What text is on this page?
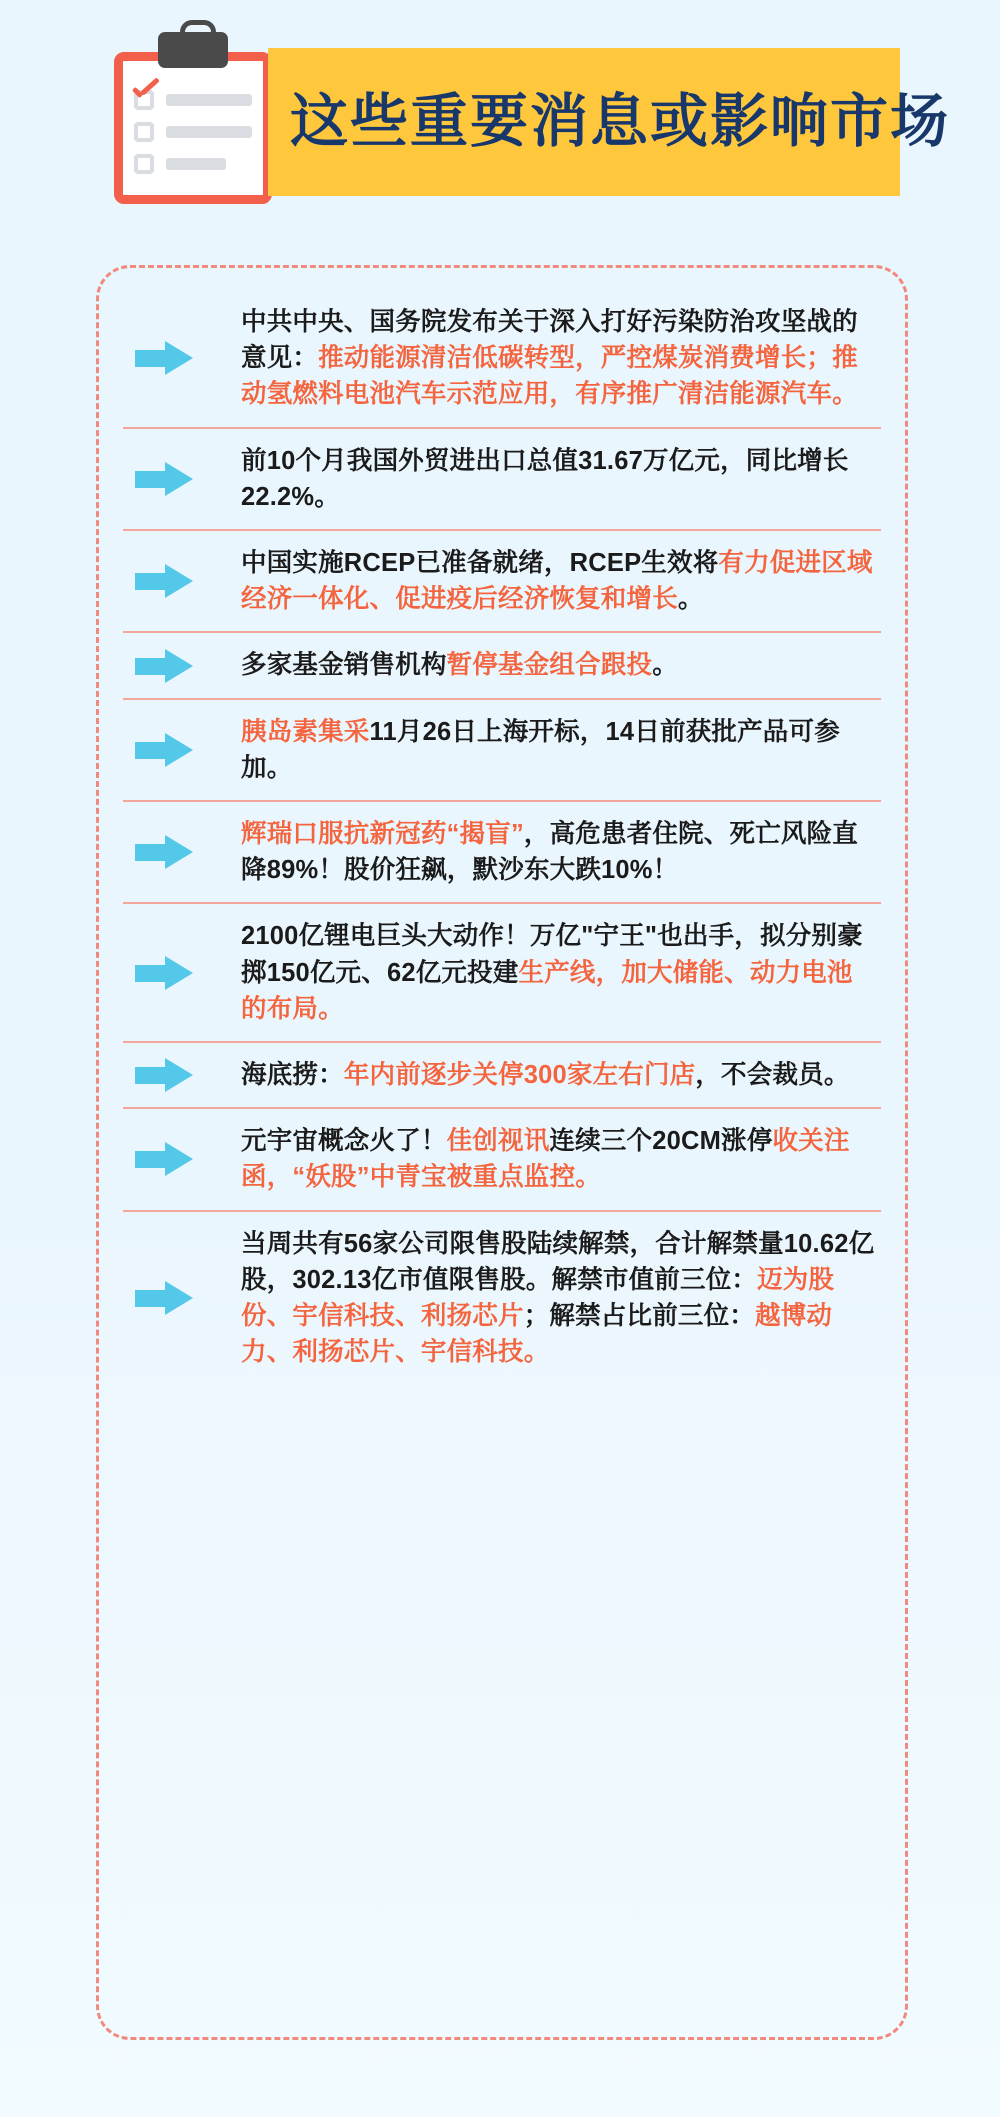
这些重要消息或影响市场
中共中央、国务院发布关于深入打好污染防治攻坚战的意见：推动能源清洁低碳转型，严控煤炭消费增长；推动氢燃料电池汽车示范应用，有序推广清洁能源汽车。
前10个月我国外贸进出口总值31.67万亿元，同比增长22.2%。
中国实施RCEP已准备就绪，RCEP生效将有力促进区域经济一体化、促进疫后经济恢复和增长。
多家基金销售机构暂停基金组合跟投。
胰岛素集采11月26日上海开标，14日前获批产品可参加。
辉瑞口服抗新冠药“揭盲”，高危患者住院、死亡风险直降89%！股价狂飙，默沙东大跌10%！
2100亿锂电巨头大动作！万亿"宁王"也出手，拟分别豪掷150亿元、62亿元投建生产线，加大储能、动力电池的布局。
海底捞：年内前逐步关停300家左右门店，不会裁员。
元宇宙概念火了！佳创视讯连续三个20CM涨停收关注函，“妖股”中青宝被重点监控。
当周共有56家公司限售股陆续解禁，合计解禁量10.62亿股，302.13亿市值限售股。解禁市值前三位：迈为股份、宇信科技、利扬芯片；解禁占比前三位：越博动力、利扬芯片、宇信科技。
